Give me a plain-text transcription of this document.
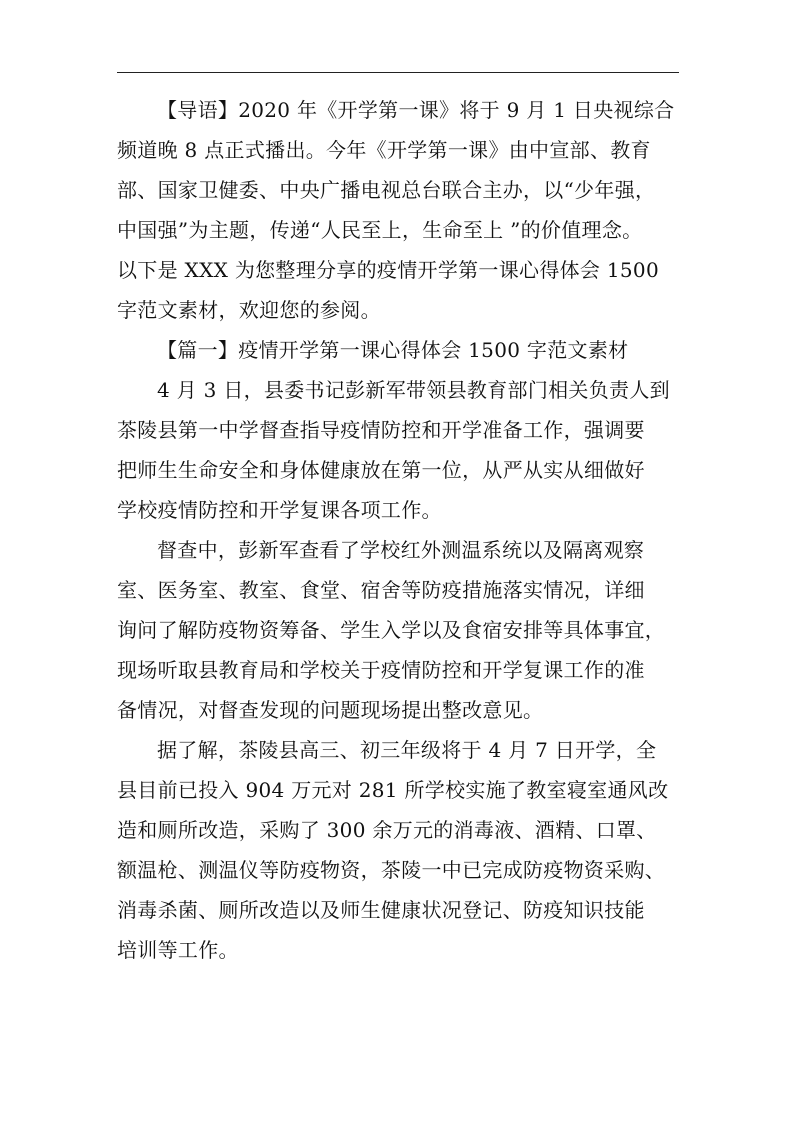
【导语】2020 年《开学第一课》将于 9 月 1 日央视综合
频道晚 8 点正式播出。今年《开学第一课》由中宣部、教育
部、国家卫健委、中央广播电视总台联合主办，以“少年强，
中国强”为主题，传递“人民至上，生命至上 ”的价值理念。
以下是 XXX 为您整理分享的疫情开学第一课心得体会 1500
字范文素材，欢迎您的参阅。
【篇一】疫情开学第一课心得体会 1500 字范文素材
4 月 3 日，县委书记彭新军带领县教育部门相关负责人到
茶陵县第一中学督查指导疫情防控和开学准备工作，强调要
把师生生命安全和身体健康放在第一位，从严从实从细做好
学校疫情防控和开学复课各项工作。
督查中，彭新军查看了学校红外测温系统以及隔离观察
室、医务室、教室、食堂、宿舍等防疫措施落实情况，详细
询问了解防疫物资筹备、学生入学以及食宿安排等具体事宜，
现场听取县教育局和学校关于疫情防控和开学复课工作的准
备情况，对督查发现的问题现场提出整改意见。
据了解，茶陵县高三、初三年级将于 4 月 7 日开学，全
县目前已投入 904 万元对 281 所学校实施了教室寝室通风改
造和厕所改造，采购了 300 余万元的消毒液、酒精、口罩、
额温枪、测温仪等防疫物资，茶陵一中已完成防疫物资采购、
消毒杀菌、厕所改造以及师生健康状况登记、防疫知识技能
培训等工作。
